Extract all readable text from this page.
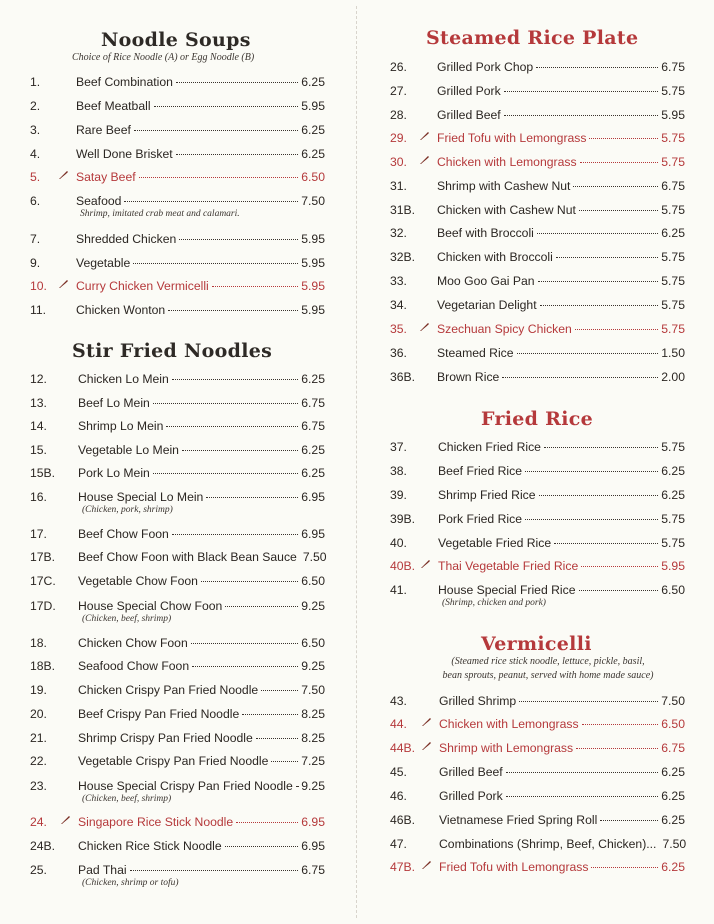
Noodle Soups
Choice of Rice Noodle (A) or Egg Noodle (B)
1.	Beef Combination	6.25
2.	Beef Meatball	5.95
3.	Rare Beef	6.25
4.	Well Done Brisket	6.25
5.	Satay Beef	6.50
6.	Seafood	7.50
Shrimp, imitated crab meat and calamari.
7.	Shredded Chicken	5.95
9.	Vegetable	5.95
10. Curry Chicken Vermicelli	5.95
11. Chicken Wonton	5.95
Stir Fried Noodles
12.	Chicken Lo Mein	6.25
13.	Beef Lo Mein	6.75
14.	Shrimp Lo Mein	6.75
15.	Vegetable Lo Mein	6.25
15B. Pork Lo Mein	6.25
16.	House Special Lo Mein	6.95
(Chicken, pork, shrimp)
17.	Beef Chow Foon	6.95
17B. Beef Chow Foon with Black Bean Sauce 7.50
17C. Vegetable Chow Foon	6.50
17D. House Special Chow Foon	9.25
(Chicken, beef, shrimp)
18.	Chicken Chow Foon	6.50
18B. Seafood Chow Foon	9.25
19.	Chicken Crispy Pan Fried Noodle	7.50
20.	Beef Crispy Pan Fried Noodle	8.25
21.	Shrimp Crispy Pan Fried Noodle	8.25
22.	Vegetable Crispy Pan Fried Noodle	7.25
23.	House Special Crispy Pan Fried Noodle 9.25
(Chicken, beef, shrimp)
24.	Singapore Rice Stick Noodle	6.95
24B. Chicken Rice Stick Noodle	6.95
25.	Pad Thai	6.75
(Chicken, shrimp or tofu)
Steamed Rice Plate
26. Grilled Pork Chop	6.75
27. Grilled Pork	5.75
28. Grilled Beef	5.95
29. Fried Tofu with Lemongrass	5.75
30. Chicken with Lemongrass	5.75
31. Shrimp with Cashew Nut	6.75
31B. Chicken with Cashew Nut	5.75
32. Beef with Broccoli	6.25
32B. Chicken with Broccoli	5.75
33. Moo Goo Gai Pan	5.75
34. Vegetarian Delight	5.75
35. Szechuan Spicy Chicken	5.75
36. Steamed Rice	1.50
36B. Brown Rice	2.00
Fried Rice
37.	Chicken Fried Rice	5.75
38.	Beef Fried Rice	6.25
39.	Shrimp Fried Rice	6.25
39B. Pork Fried Rice	5.75
40.	Vegetable Fried Rice	5.75
40B. Thai Vegetable Fried Rice	5.95
41.	House Special Fried Rice	6.50
(Shrimp, chicken and pork)
Vermicelli
(Steamed rice stick noodle, lettuce, pickle, basil,
bean sprouts, peanut, served with home made sauce)
43.	Grilled Shrimp	7.50
44.	Chicken with Lemongrass	6.50
44B. Shrimp with Lemongrass	6.75
45.	Grilled Beef	6.25
46.	Grilled Pork	6.25
46B. Vietnamese Fried Spring Roll	6.25
47.	Combinations (Shrimp, Beef, Chicken)... 7.50
47B. Fried Tofu with Lemongrass	6.25
